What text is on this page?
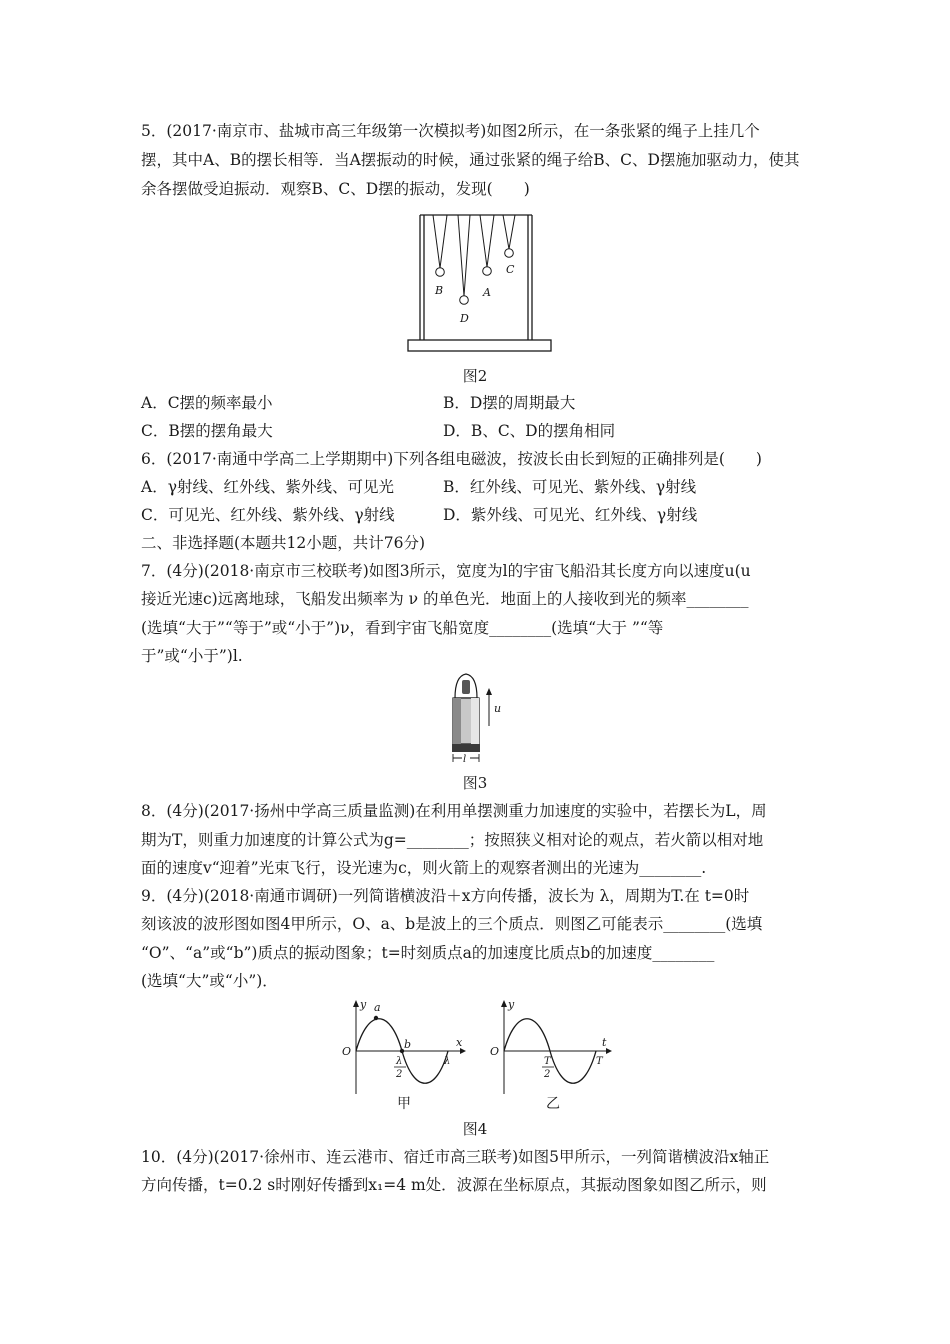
5．(2017·南京市、盐城市高三年级第一次模拟考)如图2所示，在一条张紧的绳子上挂几个
摆，其中A、B的摆长相等．当A摆振动的时候，通过张紧的绳子给B、C、D摆施加驱动力，使其
余各摆做受迫振动．观察B、C、D摆的振动，发现(　　)
B
D
A
C
图2
A．C摆的频率最小	B．D摆的周期最大
C．B摆的摆角最大	D．B、C、D的摆角相同
6．(2017·南通中学高二上学期期中)下列各组电磁波，按波长由长到短的正确排列是(　　)
A．γ射线、红外线、紫外线、可见光	B．红外线、可见光、紫外线、γ射线
C．可见光、红外线、紫外线、γ射线	D．紫外线、可见光、红外线、γ射线
二、非选择题(本题共12小题，共计76分)
7．(4分)(2018·南京市三校联考)如图3所示，宽度为l的宇宙飞船沿其长度方向以速度u(u
接近光速c)远离地球，飞船发出频率为 ν 的单色光．地面上的人接收到光的频率________
(选填“大于”“等于”或“小于”)ν，看到宇宙飞船宽度________(选填“大于 ”“等
于”或“小于”)l.
u
l
图3
8．(4分)(2017·扬州中学高三质量监测)在利用单摆测重力加速度的实验中，若摆长为L，周
期为T，则重力加速度的计算公式为g=________；按照狭义相对论的观点，若火箭以相对地
面的速度v“迎着”光束飞行，设光速为c，则火箭上的观察者测出的光速为________.
9．(4分)(2018·南通市调研)一列简谐横波沿＋x方向传播，波长为 λ，周期为T.在 t=0时
刻该波的波形图如图4甲所示，O、a、b是波上的三个质点．则图乙可能表示________(选填
“O”、“a”或“b”)质点的振动图象；t=时刻质点a的加速度比质点b的加速度________
(选填“大”或“小”)．
y
x
O
a
b
λ
2
λ
甲
y
t
O
T
2
T
乙
图4
10．(4分)(2017·徐州市、连云港市、宿迁市高三联考)如图5甲所示，一列简谐横波沿x轴正
方向传播，t=0.2 s时刚好传播到x₁=4 m处．波源在坐标原点，其振动图象如图乙所示，则
